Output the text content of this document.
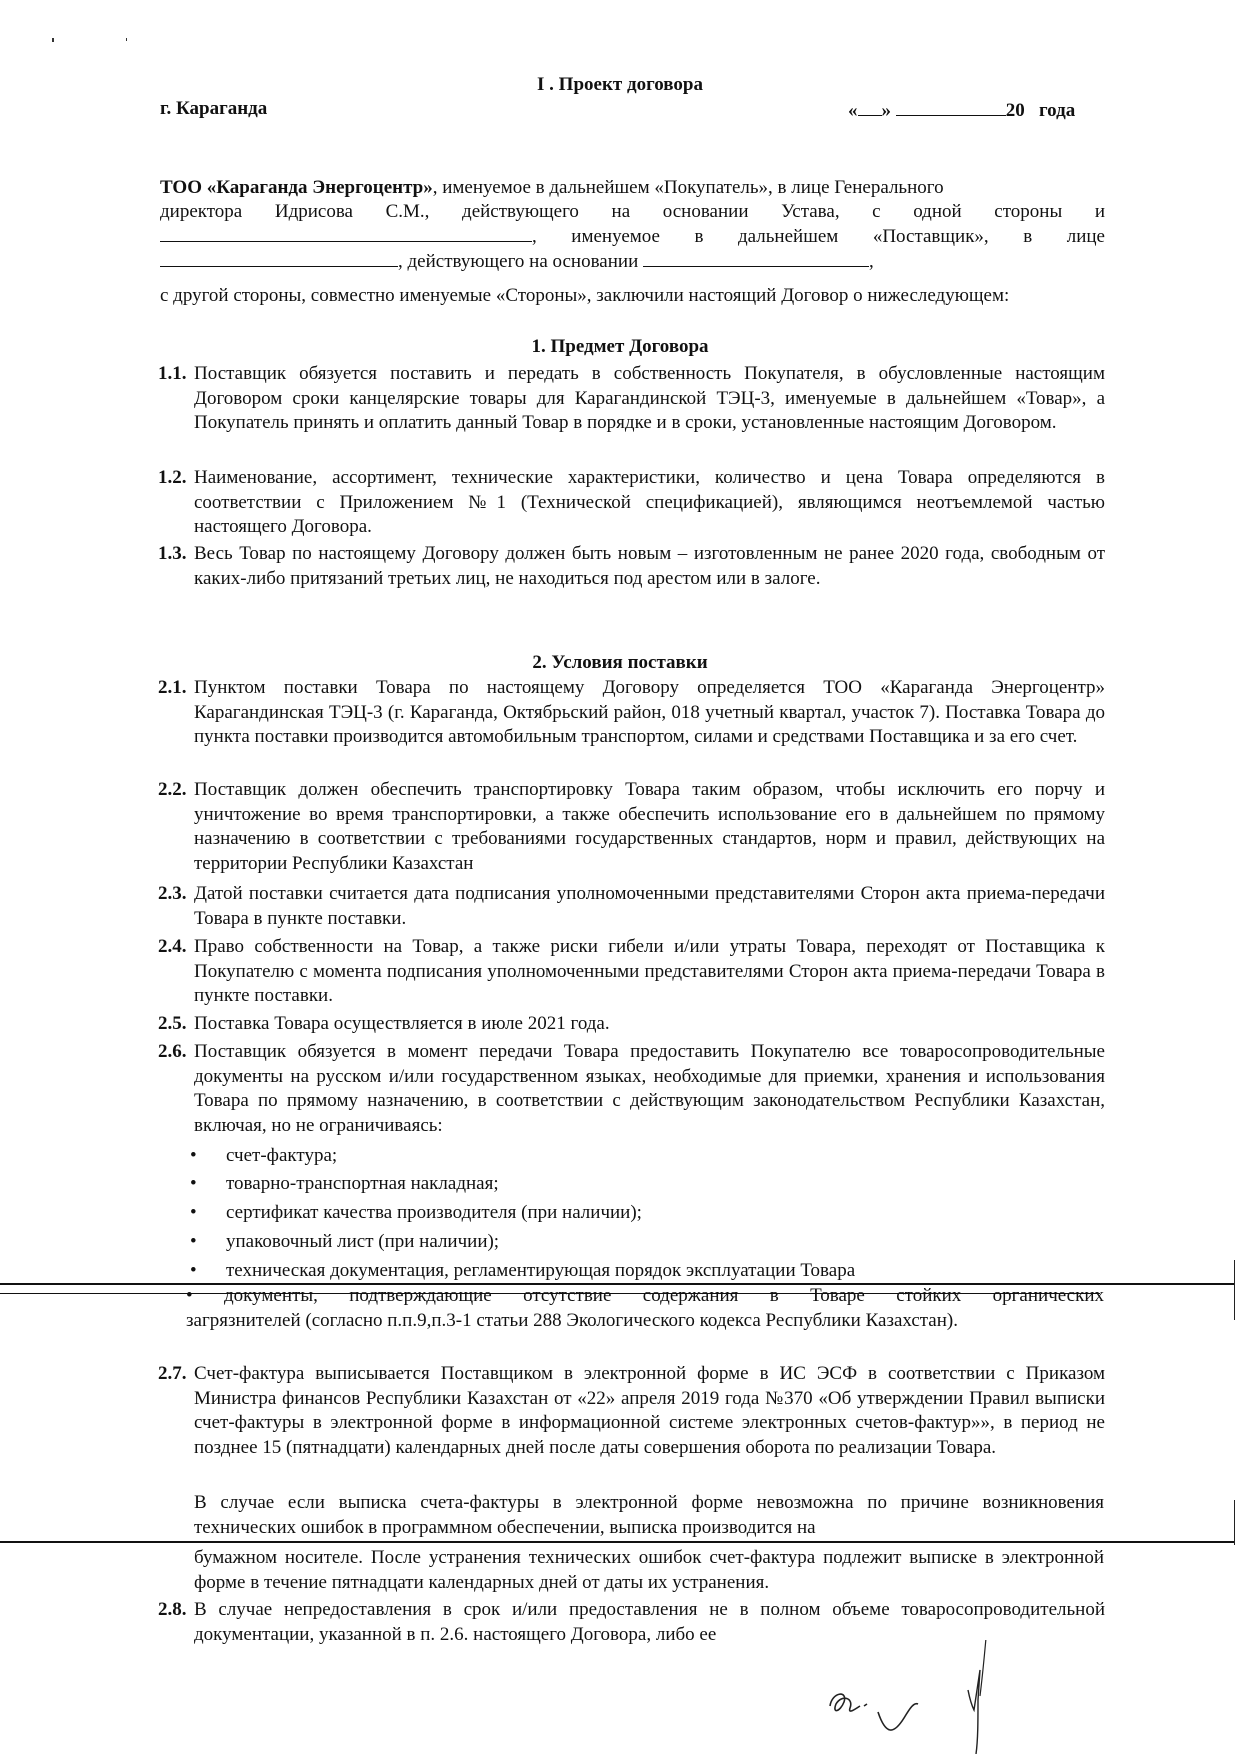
I . Проект договора
г. Караганда	« »	20   года
ТОО «Караганда Энергоцентр», именуемое в дальнейшем «Покупатель», в лице Генерального
директора Идрисова С.М., действующего на основании Устава, с одной стороны и
, именуемое в дальнейшем «Поставщик», в лице
, действующего на основании	,
с другой стороны, совместно именуемые «Стороны», заключили настоящий Договор о нижеследующем:
1. Предмет Договора
1.1. Поставщик обязуется поставить и передать в собственность Покупателя, в обусловленные настоящим Договором сроки канцелярские товары для Карагандинской ТЭЦ-3, именуемые в дальнейшем «Товар», а Покупатель принять и оплатить данный Товар в порядке и в сроки, установленные настоящим Договором.
1.2. Наименование, ассортимент, технические характеристики, количество и цена Товара определяются в соответствии с Приложением №1 (Технической спецификацией), являющимся неотъемлемой частью настоящего Договора.
1.3. Весь Товар по настоящему Договору должен быть новым – изготовленным не ранее 2020 года, свободным от каких-либо притязаний третьих лиц, не находиться под арестом или в залоге.
2. Условия поставки
2.1. Пунктом поставки Товара по настоящему Договору определяется ТОО «Караганда Энергоцентр» Карагандинская ТЭЦ-3 (г. Караганда, Октябрьский район, 018 учетный квартал, участок 7). Поставка Товара до пункта поставки производится автомобильным транспортом, силами и средствами Поставщика и за его счет.
2.2. Поставщик должен обеспечить транспортировку Товара таким образом, чтобы исключить его порчу и уничтожение во время транспортировки, а также обеспечить использование его в дальнейшем по прямому назначению в соответствии с требованиями государственных стандартов, норм и правил, действующих на территории Республики Казахстан
2.3. Датой поставки считается дата подписания уполномоченными представителями Сторон акта приема-передачи Товара в пункте поставки.
2.4. Право собственности на Товар, а также риски гибели и/или утраты Товара, переходят от Поставщика к Покупателю с момента подписания уполномоченными представителями Сторон акта приема-передачи Товара в пункте поставки.
2.5. Поставка Товара осуществляется в июле 2021 года.
2.6. Поставщик обязуется в момент передачи Товара предоставить Покупателю все товаросопроводительные документы на русском и/или государственном языках, необходимые для приемки, хранения и использования Товара по прямому назначению, в соответствии с действующим законодательством Республики Казахстан, включая, но не ограничиваясь:
• счет-фактура;
• товарно-транспортная накладная;
• сертификат качества производителя (при наличии);
• упаковочный лист (при наличии);
• техническая документация, регламентирующая порядок эксплуатации Товара
• документы, подтверждающие отсутствие содержания в Товаре стойких органических
загрязнителей (согласно п.п.9,п.3-1 статьи 288 Экологического кодекса Республики Казахстан).
2.7. Счет-фактура выписывается Поставщиком в электронной форме в ИС ЭСФ в соответствии с Приказом Министра финансов Республики Казахстан от «22» апреля 2019 года №370 «Об утверждении Правил выписки счет-фактуры в электронной форме в информационной системе электронных счетов-фактур»», в период не позднее 15 (пятнадцати) календарных дней после даты совершения оборота по реализации Товара.
В случае если выписка счета-фактуры в электронной форме невозможна по причине возникновения технических ошибок в программном обеспечении, выписка производится на
бумажном носителе. После устранения технических ошибок счет-фактура подлежит выписке в электронной форме в течение пятнадцати календарных дней от даты их устранения.
2.8. В случае непредоставления в срок и/или предоставления не в полном объеме товаросопроводительной документации, указанной в п. 2.6. настоящего Договора, либо ее
